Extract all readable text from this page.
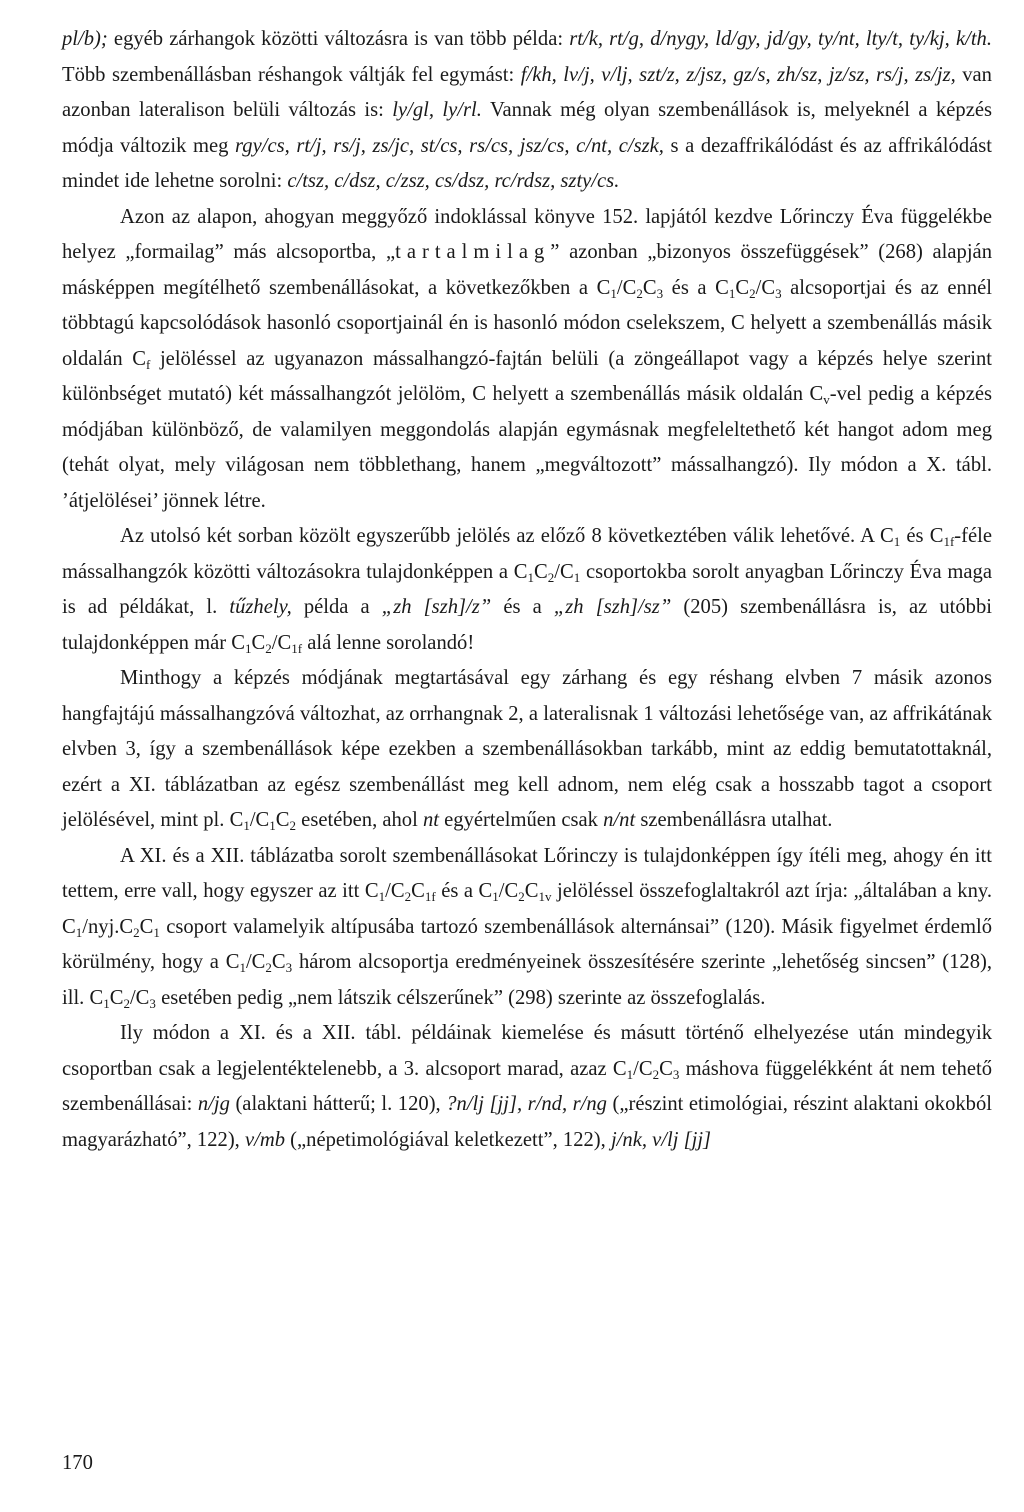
pl/b); egyéb zárhangok közötti változásra is van több példa: rt/k, rt/g, d/nygy, ld/gy, jd/gy, ty/nt, lty/t, ty/kj, k/th. Több szembenállásban réshangok váltják fel egymást: f/kh, lv/j, v/lj, szt/z, z/jsz, gz/s, zh/sz, jz/sz, rs/j, zs/jz, van azonban lateralison belüli változás is: ly/gl, ly/rl. Vannak még olyan szembenállások is, melyeknél a képzés módja változik meg rgy/cs, rt/j, rs/j, zs/jc, st/cs, rs/cs, jsz/cs, c/nt, c/szk, s a dezaffrikálódást és az affrikálódást mindet ide lehetne sorolni: c/tsz, c/dsz, c/zsz, cs/dsz, rc/rdsz, szty/cs.

Azon az alapon, ahogyan meggyőző indoklással könyve 152. lapjától kezdve Lőrinczy Éva függelékbe helyez „formailag” más alcsoportba, „tartalmilag” azonban „bizonyos összefüggések” (268) alapján másképpen megítélhető szembenállásokat, a következőkben a $C_1/C_2C_3$ és a $C_1C_2/C_3$ alcsoportjai és az ennél többtagú kapcsolódások hasonló csoportjainál én is hasonló módon cselekszem, C helyett a szembenállás másik oldalán $C_f$ jelöléssel az ugyanazon mássalhangzó-fajtán belüli (a zöngeállapot vagy a képzés helye szerint különbséget mutató) két mássalhangzót jelölöm, C helyett a szembenállás másik oldalán $C_v$-vel pedig a képzés módjában különböző, de valamilyen meggondolás alapján egymásnak megfeleltethető két hangot adom meg (tehát olyat, mely világosan nem többlethang, hanem „megváltozott” mássalhangzó). Ily módon a X. tábl. ’átjelölései’ jönnek létre.

Az utolsó két sorban közölt egyszerűbb jelölés az előző 8 következtében válik lehetővé. A $C_1$ és $C_{1f}$-féle mássalhangzók közötti változásokra tulajdonképpen a $C_1C_2/C_1$ csoportokba sorolt anyagban Lőrinczy Éva maga is ad példákat, l. tűzhely, példa a „zh [szh]/z” és a „zh [szh]/sz” (205) szembenállásra is, az utóbbi tulajdonképpen már $C_1C_2/C_{1f}$ alá lenne sorolandó!

Minthogy a képzés módjának megtartásával egy zárhang és egy réshang elvben 7 másik azonos hangfajtájú mássalhangzóvá változhat, az orrhangnak 2, a lateralisnak 1 változási lehetősége van, az affrikátának elvben 3, így a szembenállások képe ezekben a szembenállásokban tarkább, mint az eddig bemutatottaknál, ezért a XI. táblázatban az egész szembenállást meg kell adnom, nem elég csak a hosszabb tagot a csoport jelölésével, mint pl. $C_1/C_1C_2$ esetében, ahol nt egyértelműen csak n/nt szembenállásra utalhat.

A XI. és a XII. táblázatba sorolt szembenállásokat Lőrinczy is tulajdonképpen így ítéli meg, ahogy én itt tettem, erre vall, hogy egyszer az itt $C_1/C_2C_{1f}$ és a $C_1/C_2C_{1v}$ jelöléssel összefoglaltakról azt írja: „általában a kny. $C_1/nyj.C_2C_1$ csoport valamelyik altípusába tartozó szembenállások alternánsai” (120). Másik figyelmet érdemlő körülmény, hogy a $C_1/C_2C_3$ három alcsoportja eredményeinek összesítésére szerinte „lehetőség sincsen” (128), ill. $C_1C_2/C_3$ esetében pedig „nem látszik célszerűnek” (298) szerinte az összefoglalás.

Ily módon a XI. és a XII. tábl. példáinak kiemelése és másutt történő elhelyezése után mindegyik csoportban csak a legjelentéktelenebb, a 3. alcsoport marad, azaz $C_1/C_2C_3$ máshova függelékként át nem tehető szembenállásai: n/jg (alaktani hátterű; l. 120), ?n/lj [jj], r/nd, r/ng („részint etimológiai, részint alaktani okokból magyarázható”, 122), v/mb („népetimológiával keletkezett”, 122), j/nk, v/lj [jj]

170
